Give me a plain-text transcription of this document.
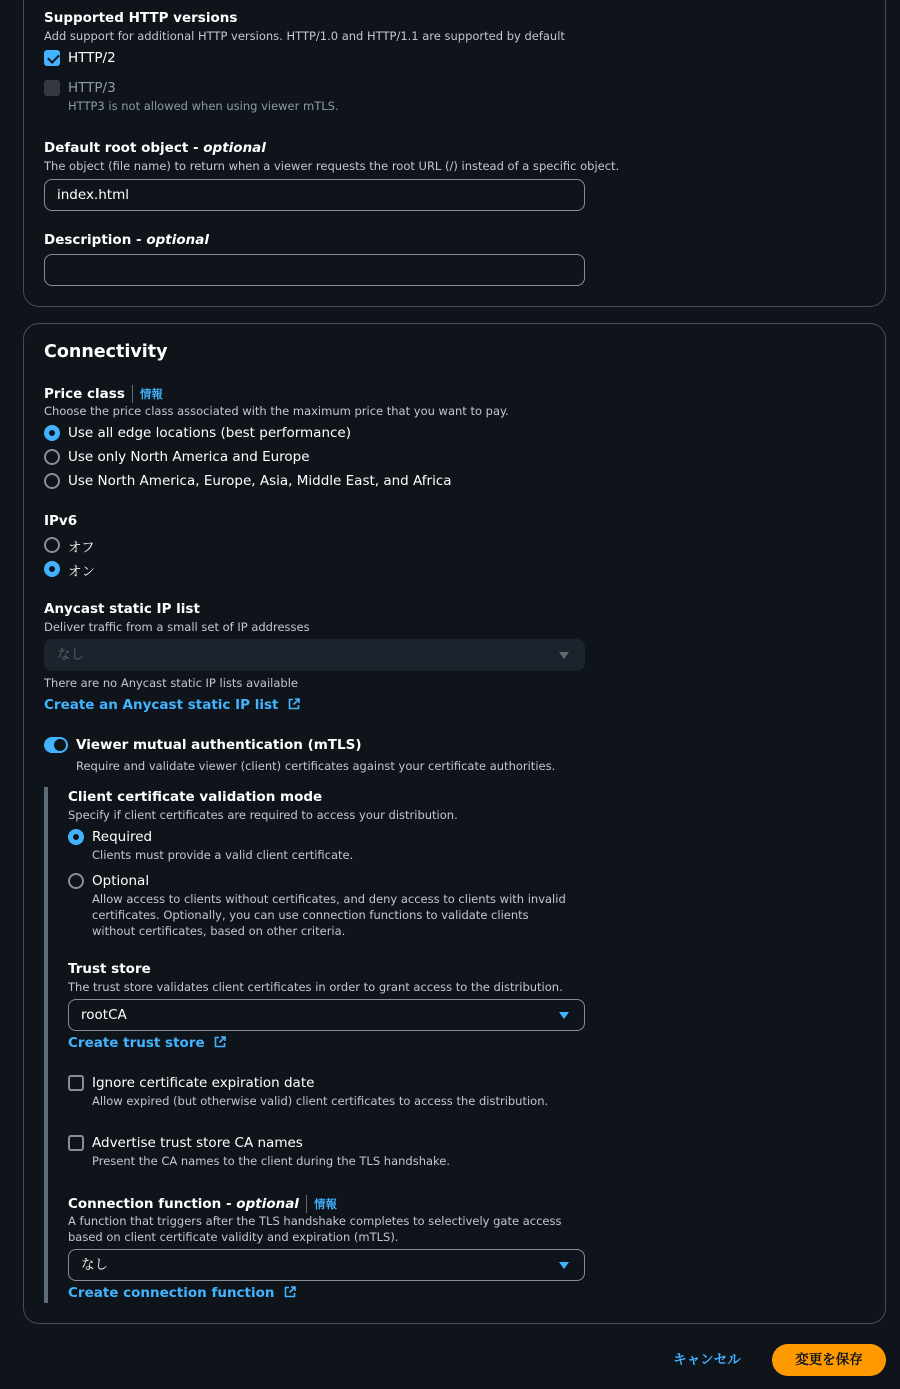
Supported HTTP versions
Add support for additional HTTP versions. HTTP/1.0 and HTTP/1.1 are supported by default
HTTP/2
HTTP/3
HTTP3 is not allowed when using viewer mTLS.
Default root object - optional
The object (file name) to return when a viewer requests the root URL (/) instead of a specific object.
index.html
Description - optional
Connectivity
Price class 情報
Choose the price class associated with the maximum price that you want to pay.
Use all edge locations (best performance)
Use only North America and Europe
Use North America, Europe, Asia, Middle East, and Africa
IPv6
オフ
オン
Anycast static IP list
Deliver traffic from a small set of IP addresses
なし
There are no Anycast static IP lists available
Create an Anycast static IP list
Viewer mutual authentication (mTLS)
Require and validate viewer (client) certificates against your certificate authorities.
Client certificate validation mode
Specify if client certificates are required to access your distribution.
Required
Clients must provide a valid client certificate.
Optional
Allow access to clients without certificates, and deny access to clients with invalid certificates. Optionally, you can use connection functions to validate clients without certificates, based on other criteria.
Trust store
The trust store validates client certificates in order to grant access to the distribution.
rootCA
Create trust store
Ignore certificate expiration date
Allow expired (but otherwise valid) client certificates to access the distribution.
Advertise trust store CA names
Present the CA names to the client during the TLS handshake.
Connection function - optional 情報
A function that triggers after the TLS handshake completes to selectively gate access based on client certificate validity and expiration (mTLS).
なし
Create connection function
キャンセル	変更を保存
